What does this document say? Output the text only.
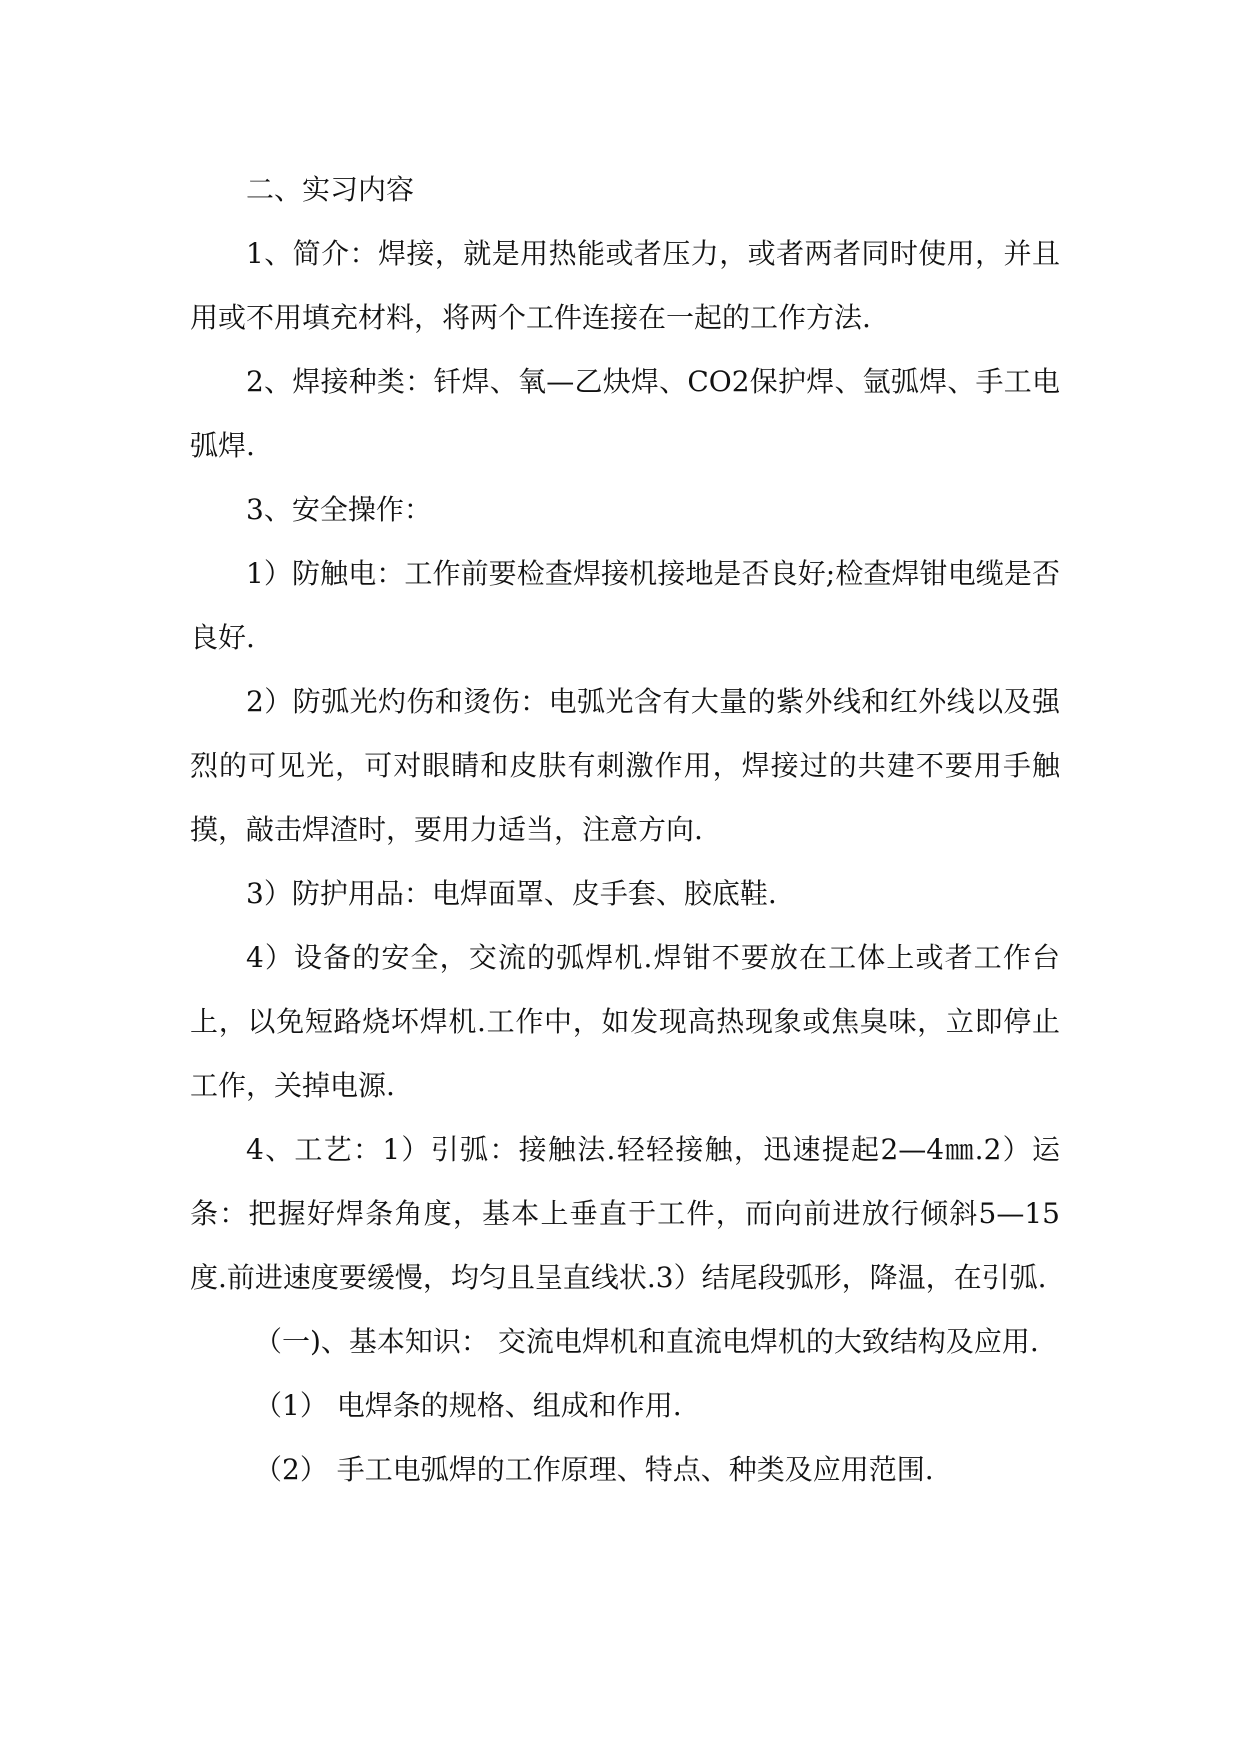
二、实习内容

1、简介：焊接，就是用热能或者压力，或者两者同时使用，并且用或不用填充材料，将两个工件连接在一起的工作方法.

2、焊接种类：钎焊、氧—乙炔焊、CO2保护焊、氩弧焊、手工电弧焊.

3、安全操作：

1）防触电：工作前要检查焊接机接地是否良好;检查焊钳电缆是否良好.

2）防弧光灼伤和烫伤：电弧光含有大量的紫外线和红外线以及强烈的可见光，可对眼睛和皮肤有刺激作用，焊接过的共建不要用手触摸，敲击焊渣时，要用力适当，注意方向.

3）防护用品：电焊面罩、皮手套、胶底鞋.

4）设备的安全，交流的弧焊机.焊钳不要放在工体上或者工作台上，以免短路烧坏焊机.工作中，如发现高热现象或焦臭味，立即停止工作，关掉电源.

4、工艺：1）引弧：接触法.轻轻接触，迅速提起2—4㎜.2）运条：把握好焊条角度，基本上垂直于工件，而向前进放行倾斜5—15度.前进速度要缓慢，均匀且呈直线状.3）结尾段弧形，降温，在引弧.

（一)、基本知识： 交流电焊机和直流电焊机的大致结构及应用.

（1） 电焊条的规格、组成和作用.

（2） 手工电弧焊的工作原理、特点、种类及应用范围.
